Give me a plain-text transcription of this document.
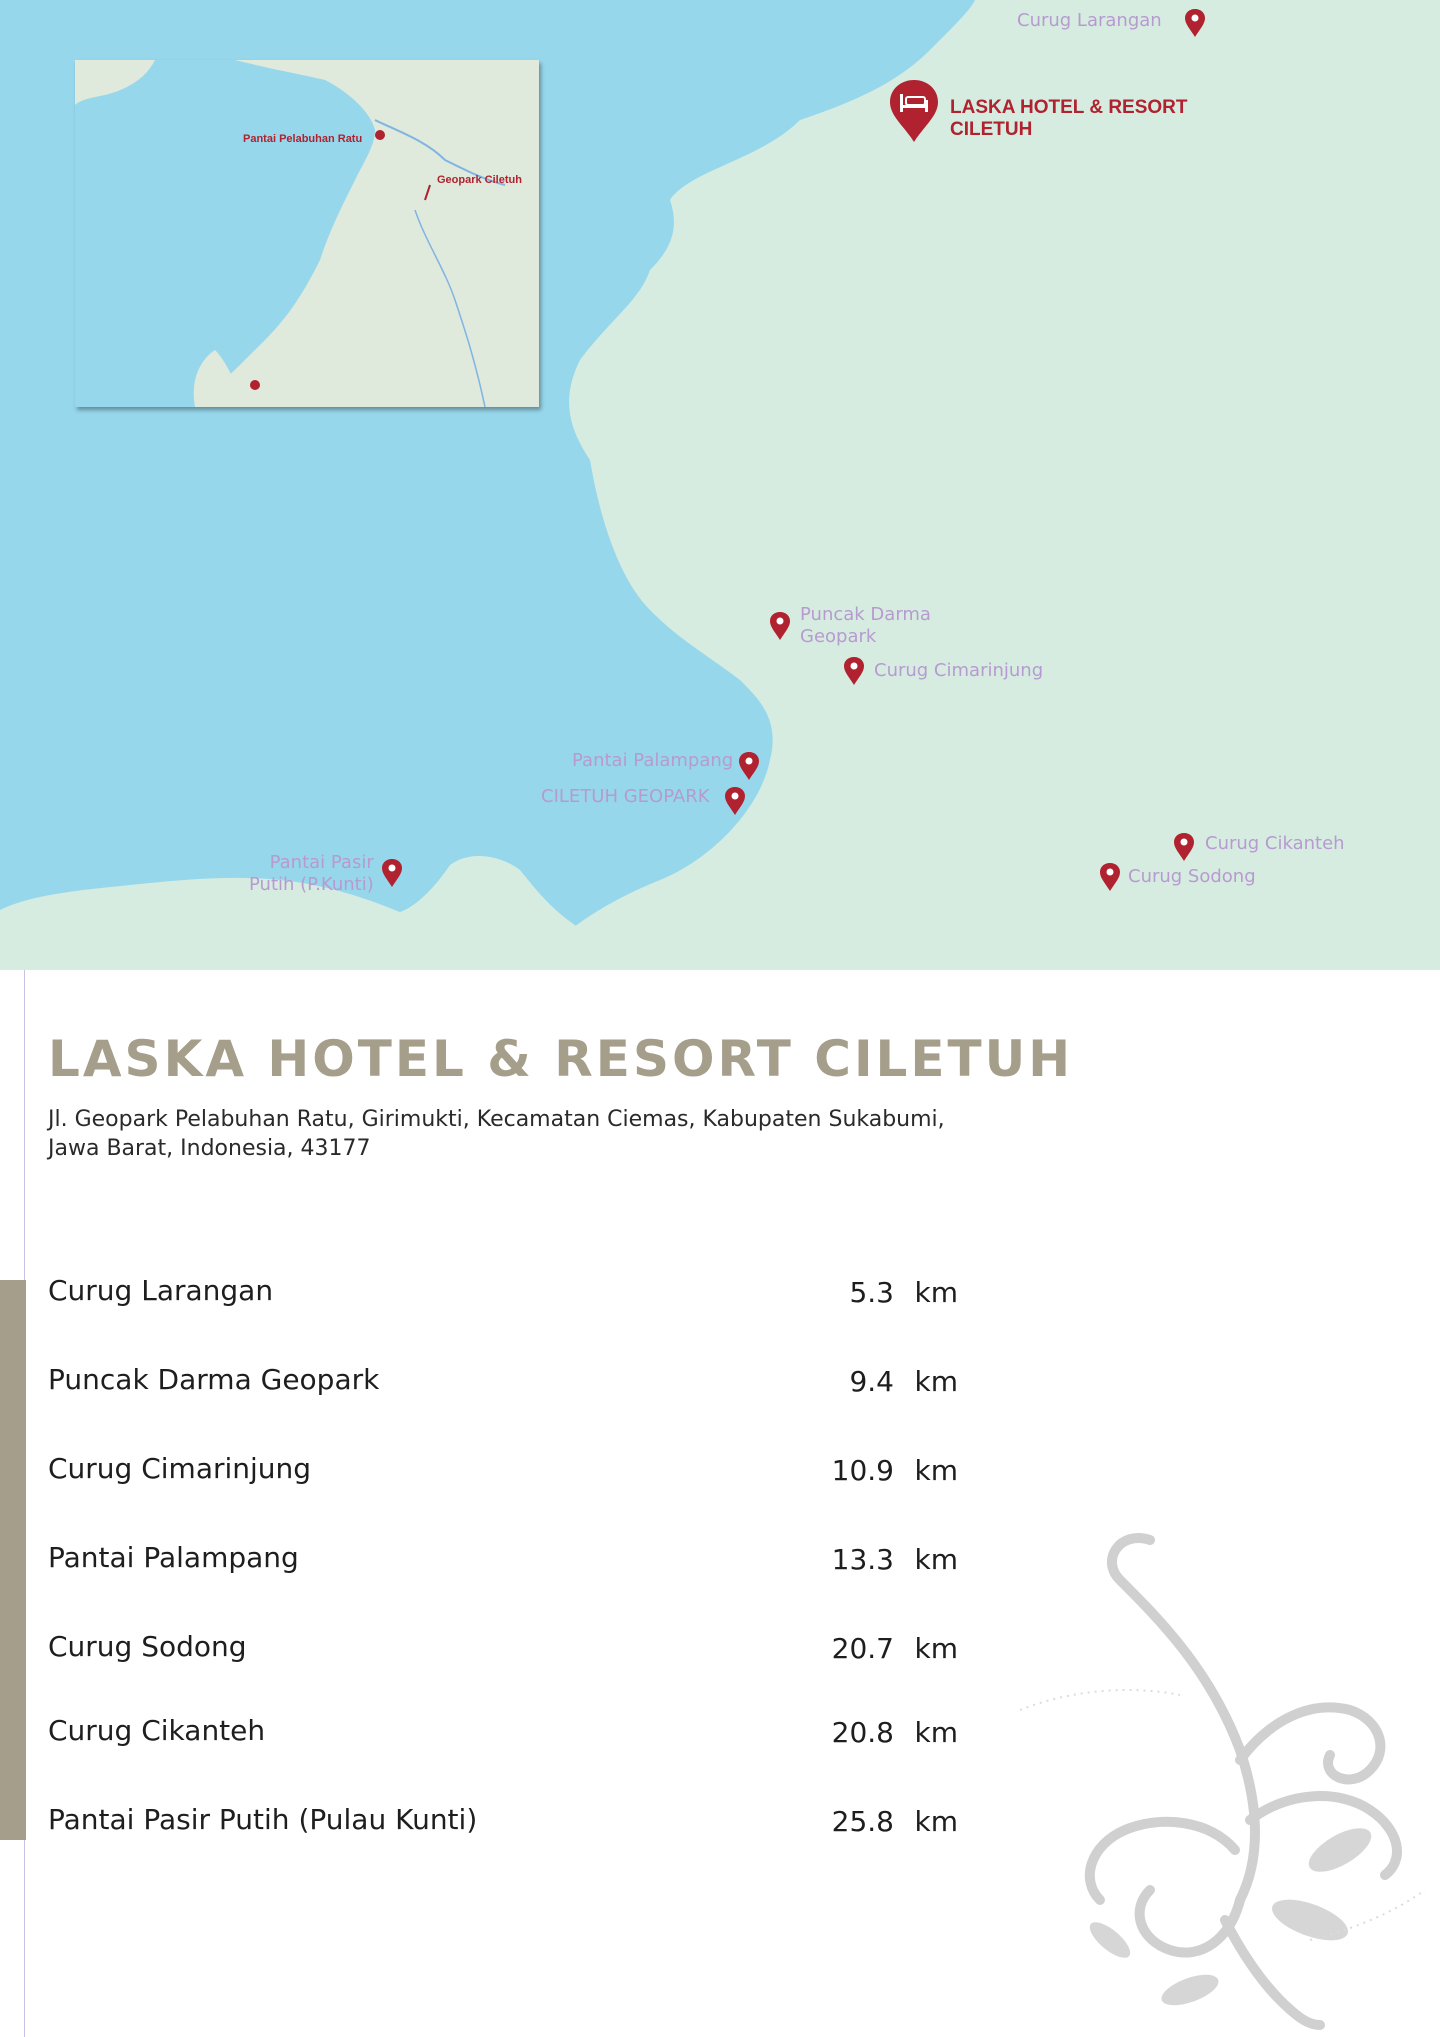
Pantai Pelabuhan Ratu
Geopark Ciletuh
LASKA HOTEL & RESORT
CILETUH
Curug Larangan
Puncak Darma
Geopark
Curug Cimarinjung
Pantai Palampang
CILETUH GEOPARK
Pantai Pasir
Putih (P.Kunti)
Curug Cikanteh
Curug Sodong
LASKA HOTEL & RESORT CILETUH
Jl. Geopark Pelabuhan Ratu, Girimukti, Kecamatan Ciemas, Kabupaten Sukabumi,
Jawa Barat, Indonesia, 43177
Curug Larangan	5.3 km
Puncak Darma Geopark	9.4 km
Curug Cimarinjung	10.9 km
Pantai Palampang	13.3 km
Curug Sodong	20.7 km
Curug Cikanteh	20.8 km
Pantai Pasir Putih (Pulau Kunti)	25.8 km
